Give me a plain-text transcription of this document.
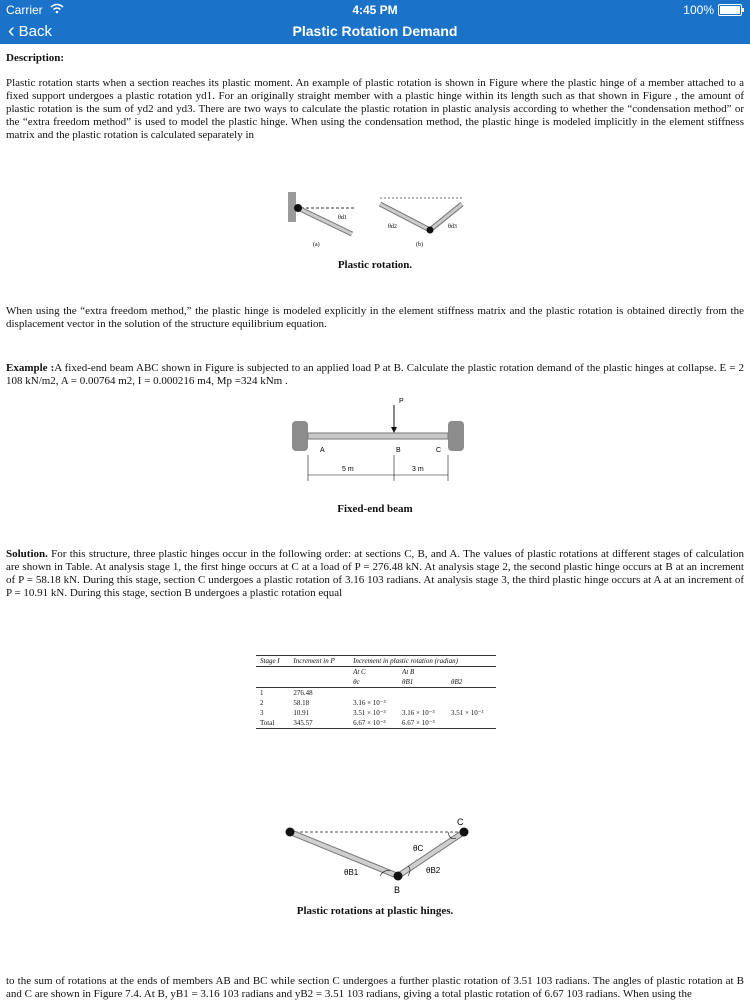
Carrier	4:45 PM	100%
‹ Back	Plastic Rotation Demand

Description:

Plastic rotation starts when a section reaches its plastic moment. An example of plastic rotation is shown in Figure where the plastic hinge of a member attached to a fixed support undergoes a plastic rotation yd1. For an originally straight member with a plastic hinge within its length such as that shown in Figure , the amount of plastic rotation is the sum of yd2 and yd3. There are two ways to calculate the plastic rotation in plastic analysis according to whether the “condensation method” or the “extra freedom method” is used to model the plastic hinge. When using the condensation method, the plastic hinge is modeled implicitly in the element stiffness matrix and the plastic rotation is calculated separately in

θd1
(a)
θd2	θd3
(b)
Plastic rotation.
When using the “extra freedom method,” the plastic hinge is modeled explicitly in the element stiffness matrix and the plastic rotation is obtained directly from the displacement vector in the solution of the structure equilibrium equation.
Example :A fixed-end beam ABC shown in Figure is subjected to an applied load P at B. Calculate the plastic rotation demand of the plastic hinges at collapse. E = 2 108 kN/m2, A = 0.00764 m2, I = 0.000216 m4, Mp =324 kNm .
P
A	B	C
5 m	3 m
Fixed-end beam
Solution. For this structure, three plastic hinges occur in the following order: at sections C, B, and A. The values of plastic rotations at different stages of calculation are shown in Table. At analysis stage 1, the first hinge occurs at C at a load of P = 276.48 kN. At analysis stage 2, the second plastic hinge occurs at B at an increment of P = 58.18 kN. During this stage, section C undergoes a plastic rotation of 3.16 103 radians. At analysis stage 3, the third plastic hinge occurs at A at an increment of P = 10.91 kN. During this stage, section B undergoes a plastic rotation equal
Stage I	Increment in P	Increment in plastic rotation (radian)		
		At C	At B	
		θc	θB1	θB2
1	276.48			
2	58.18	3.16 × 10⁻³		
3	10.91	3.51 × 10⁻³	3.16 × 10⁻³	3.51 × 10⁻³
Total	345.57	6.67 × 10⁻³	6.67 × 10⁻³	
θB1	θB2
θC
B
C
Plastic rotations at plastic hinges.
to the sum of rotations at the ends of members AB and BC while section C undergoes a further plastic rotation of 3.51 103 radians. The angles of plastic rotation at B and C are shown in Figure 7.4. At B, yB1 = 3.16 103 radians and yB2 = 3.51 103 radians, giving a total plastic rotation of 6.67 103 radians. When using the
